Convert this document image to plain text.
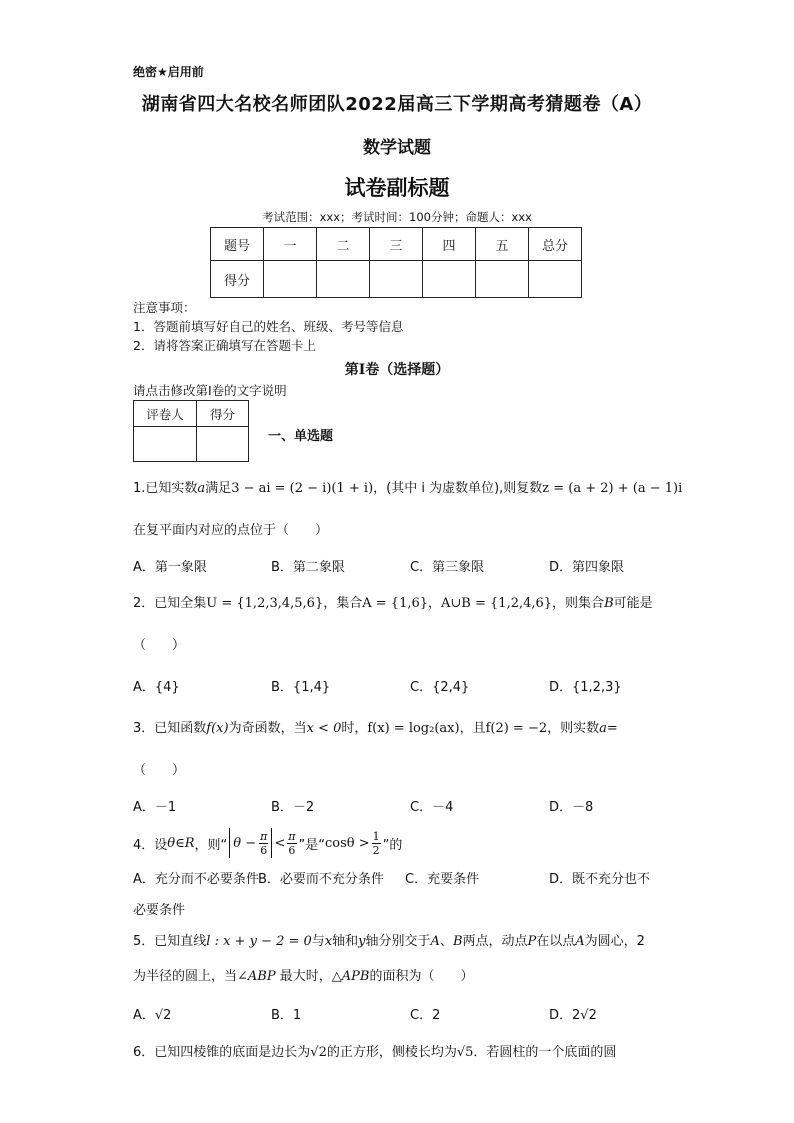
绝密★启用前
湖南省四大名校名师团队2022届高三下学期高考猜题卷（A）
数学试题
试卷副标题
考试范围：xxx；考试时间：100分钟；命题人：xxx
题号	一	二	三	四	五	总分
得分						
注意事项：
1．答题前填写好自己的姓名、班级、考号等信息
2．请将答案正确填写在答题卡上
第I卷（选择题）
请点击修改第I卷的文字说明
评卷人	得分

一、单选题
1.已知实数a满足3 − ai = (2 − i)(1 + i)，(其中 i 为虚数单位),则复数z = (a + 2) + (a − 1)i
在复平面内对应的点位于（　　）
A．第一象限	B．第二象限	C．第三象限	D．第四象限
2．已知全集U = {1,2,3,4,5,6}，集合A = {1,6}，A∪B = {1,2,4,6}，则集合B可能是
（　　）
A．{4}	B．{1,4}	C．{2,4}	D．{1,2,3}
3．已知函数f(x)为奇函数，当x < 0时，f(x) = log₂(ax)，且f(2) = −2，则实数a=
（　　）
A．－1	B．－2	C．－4	D．－8
4．设 θ∈R ，则“ $\theta - \frac{\pi}{6} < \pi$
6 ”是“ cosθ > 1
2 ”的
A．充分而不必要条件 B．必要而不充分条件 C．充要条件	D．既不充分也不
必要条件
5．已知直线l : x + y − 2 = 0与x轴和y轴分别交于A、B两点，动点P在以点A为圆心，2
为半径的圆上，当∠ABP 最大时，△APB的面积为（　　）
A．√2	B．1	C．2	D．2√2
6．已知四棱锥的底面是边长为√2的正方形，侧棱长均为√5．若圆柱的一个底面的圆
